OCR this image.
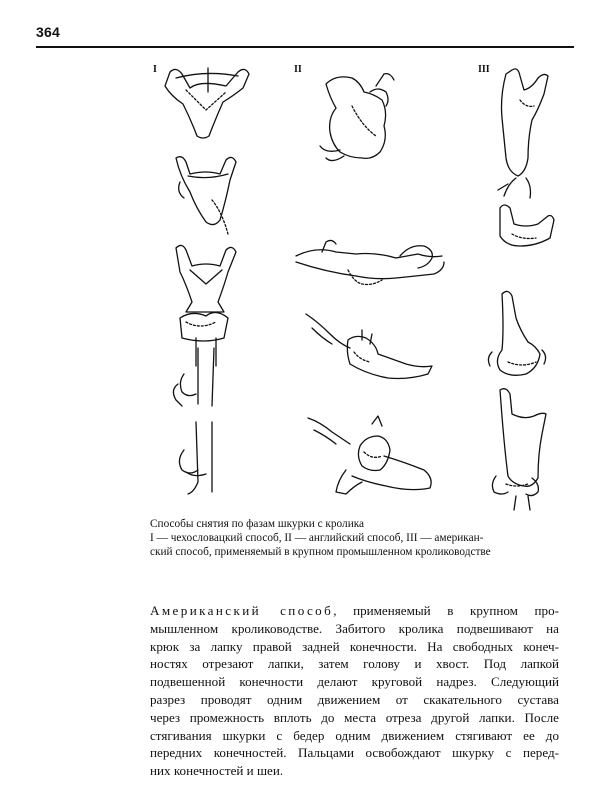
364
I	II	III
Способы снятия по фазам шкурки с кролика
I — чехословацкий способ, II — английский способ, III — американ-
ский способ, применяемый в крупном промышленном кролиководстве
Американский способ, применяемый в крупном про-
мышленном кролиководстве. Забитого кролика подвешивают на
крюк за лапку правой задней конечности. На свободных конеч-
ностях отрезают лапки, затем голову и хвост. Под лапкой
подвешенной конечности делают круговой надрез. Следующий
разрез проводят одним движением от скакательного сустава
через промежность вплоть до места отреза другой лапки. После
стягивания шкурки с бедер одним движением стягивают ее до
передних конечностей. Пальцами освобождают шкурку с перед-
них конечностей и шеи.
